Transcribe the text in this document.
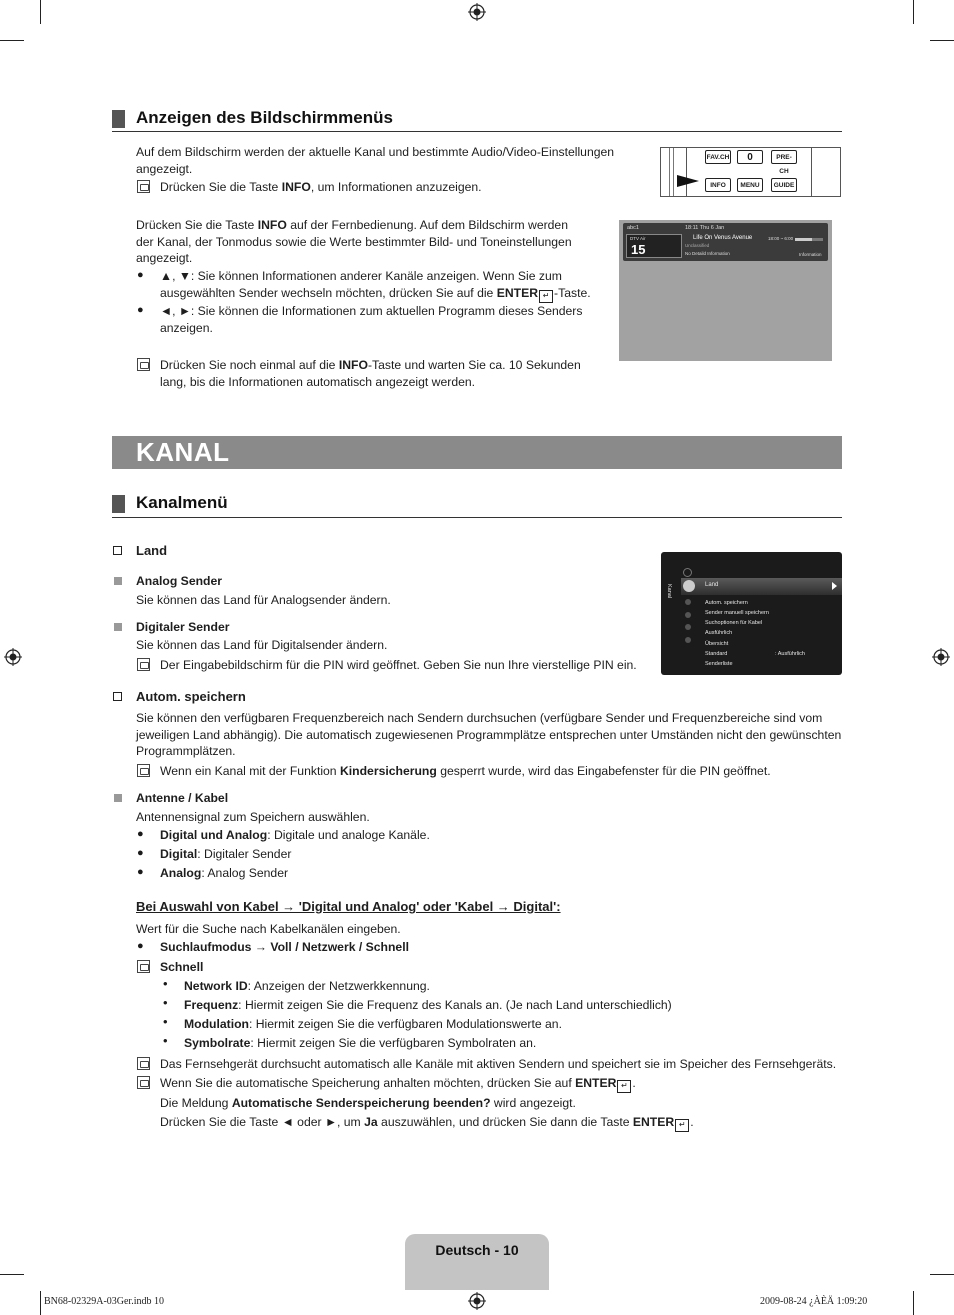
Anzeigen des Bildschirmmenüs
Auf dem Bildschirm werden der aktuelle Kanal und bestimmte Audio/Video-Einstellungen
angezeigt.
Drücken Sie die Taste INFO, um Informationen anzuzeigen.
Drücken Sie die Taste INFO auf der Fernbedienung. Auf dem Bildschirm werden
der Kanal, der Tonmodus sowie die Werte bestimmter Bild- und Toneinstellungen
angezeigt.
● ▲, ▼: Sie können Informationen anderer Kanäle anzeigen. Wenn Sie zum
ausgewählten Sender wechseln möchten, drücken Sie auf die ENTER ↵ -Taste.
● ◄, ►: Sie können die Informationen zum aktuellen Programm dieses Senders
anzeigen.
Drücken Sie noch einmal auf die INFO-Taste und warten Sie ca. 10 Sekunden
lang, bis die Informationen automatisch angezeigt werden.
FAV.CH	0	PRE-CH
INFO	MENU	GUIDE
abc1
DTV Air
15
18:11 Thu 6 Jan
Life On Venus Avenue	18:00 ~ 6:00
Unclassified
No Detaild Information	Information
KANAL
Kanalmenü
Land
Analog Sender
Sie können das Land für Analogsender ändern.
Digitaler Sender
Sie können das Land für Digitalsender ändern.
Der Eingabebildschirm für die PIN wird geöffnet. Geben Sie nun Ihre vierstellige PIN ein.
Kanal	Land
Autom. speichern
Sender manuell speichern
Suchoptionen für Kabel
Ausführlich
Übersicht
Standard	: Ausführlich
Senderliste
Autom. speichern
Sie können den verfügbaren Frequenzbereich nach Sendern durchsuchen (verfügbare Sender und Frequenzbereiche sind vom
jeweiligen Land abhängig). Die automatisch zugewiesenen Programmplätze entsprechen unter Umständen nicht den gewünschten
Programmplätzen.
Wenn ein Kanal mit der Funktion Kindersicherung gesperrt wurde, wird das Eingabefenster für die PIN geöffnet.
Antenne / Kabel
Antennensignal zum Speichern auswählen.
● Digital und Analog: Digitale und analoge Kanäle.
● Digital: Digitaler Sender
● Analog: Analog Sender
Bei Auswahl von Kabel → 'Digital und Analog' oder 'Kabel → Digital':
Wert für die Suche nach Kabelkanälen eingeben.
● Suchlaufmodus → Voll / Netzwerk / Schnell
Schnell
• Network ID: Anzeigen der Netzwerkkennung.
• Frequenz: Hiermit zeigen Sie die Frequenz des Kanals an. (Je nach Land unterschiedlich)
• Modulation: Hiermit zeigen Sie die verfügbaren Modulationswerte an.
• Symbolrate: Hiermit zeigen Sie die verfügbaren Symbolraten an.
Das Fernsehgerät durchsucht automatisch alle Kanäle mit aktiven Sendern und speichert sie im Speicher des Fernsehgeräts.
Wenn Sie die automatische Speicherung anhalten möchten, drücken Sie auf ENTER ↵ .
Die Meldung Automatische Senderspeicherung beenden? wird angezeigt.
Drücken Sie die Taste ◄ oder ►, um Ja auszuwählen, und drücken Sie dann die Taste ENTER ↵ .
Deutsch - 10
BN68-02329A-03Ger.indb 10	2009-08-24 ¿ÀÈÄ 1:09:20
